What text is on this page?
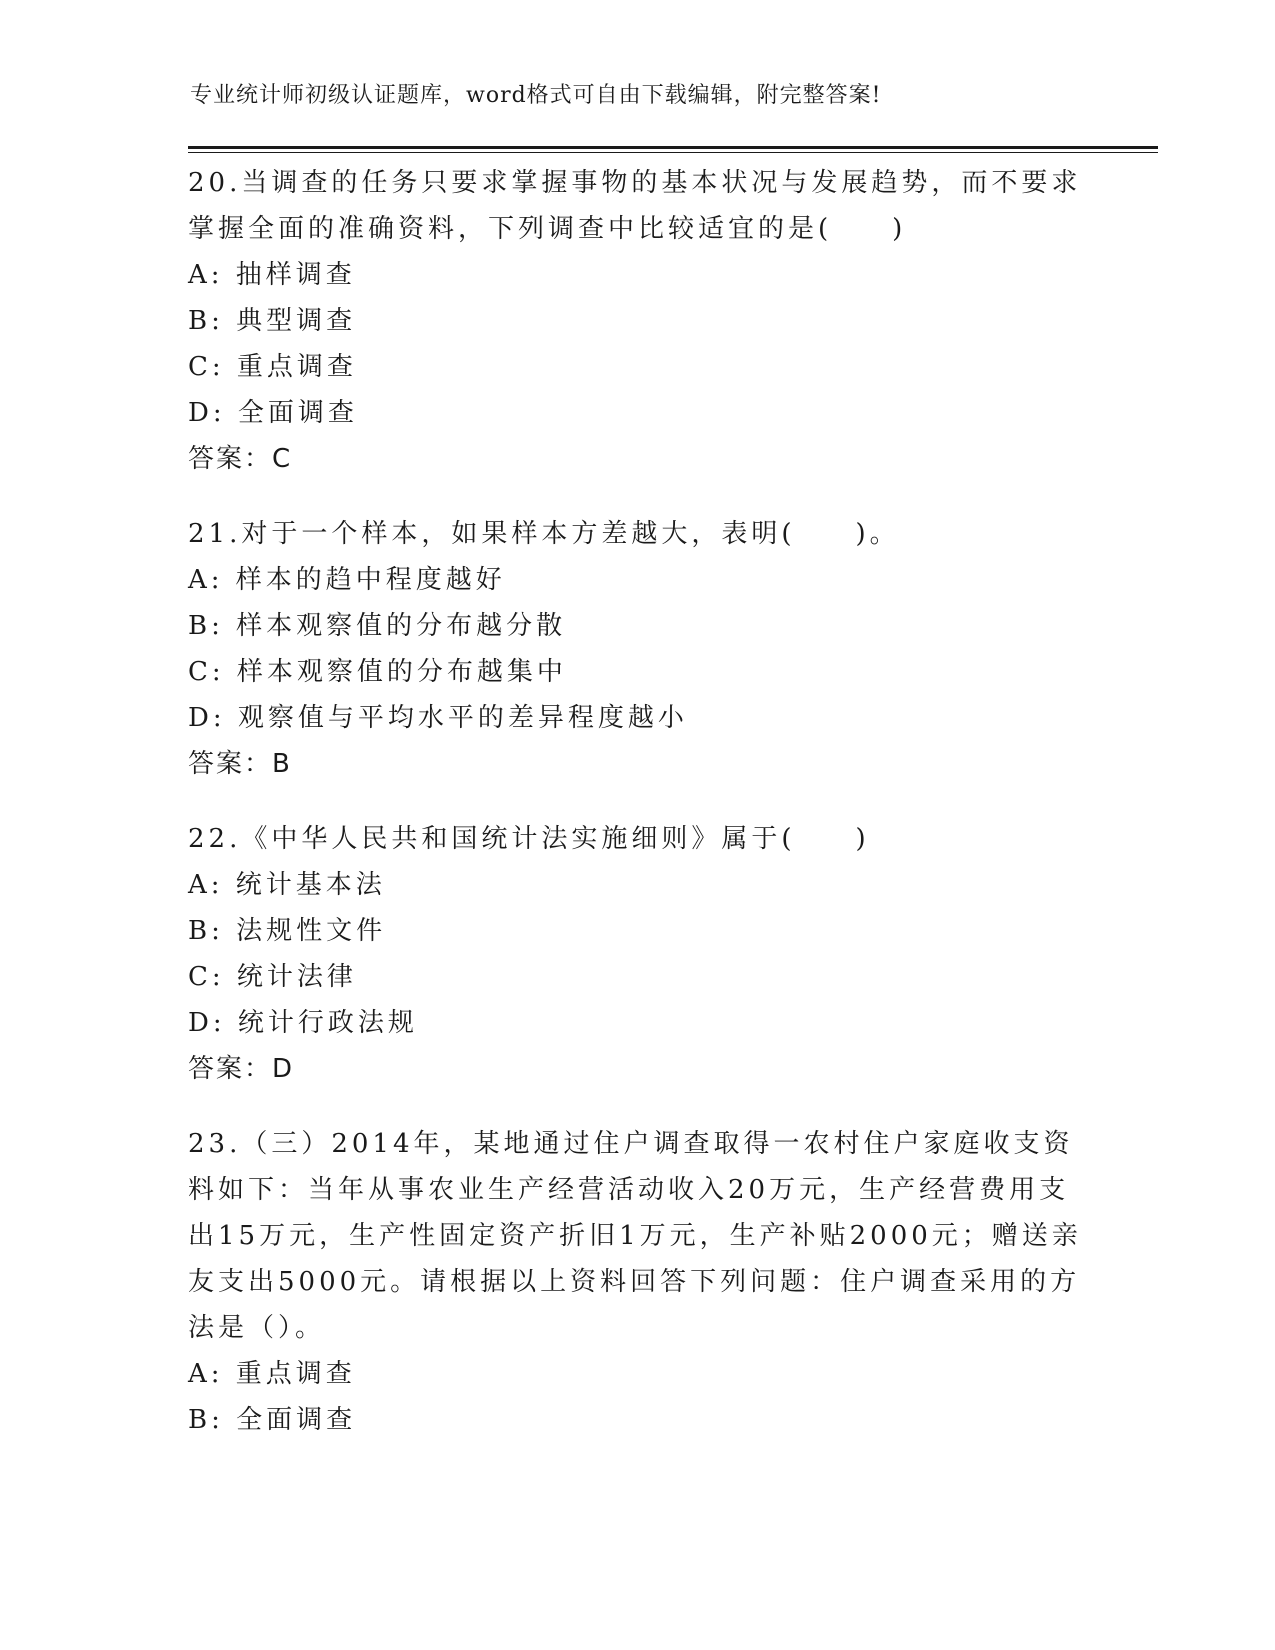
专业统计师初级认证题库，word格式可自由下载编辑，附完整答案!
20.当调查的任务只要求掌握事物的基本状况与发展趋势，而不要求掌握全面的准确资料，下列调查中比较适宜的是(　　)
A: 抽样调查
B: 典型调查
C: 重点调查
D: 全面调查
答案：C
21.对于一个样本，如果样本方差越大，表明(　　)。
A: 样本的趋中程度越好
B: 样本观察值的分布越分散
C: 样本观察值的分布越集中
D: 观察值与平均水平的差异程度越小
答案：B
22.《中华人民共和国统计法实施细则》属于(　　)
A: 统计基本法
B: 法规性文件
C: 统计法律
D: 统计行政法规
答案：D
23.（三）2014年，某地通过住户调查取得一农村住户家庭收支资料如下：当年从事农业生产经营活动收入20万元，生产经营费用支出15万元，生产性固定资产折旧1万元，生产补贴2000元；赠送亲友支出5000元。请根据以上资料回答下列问题：住户调查采用的方法是（）。
A: 重点调查
B: 全面调查
